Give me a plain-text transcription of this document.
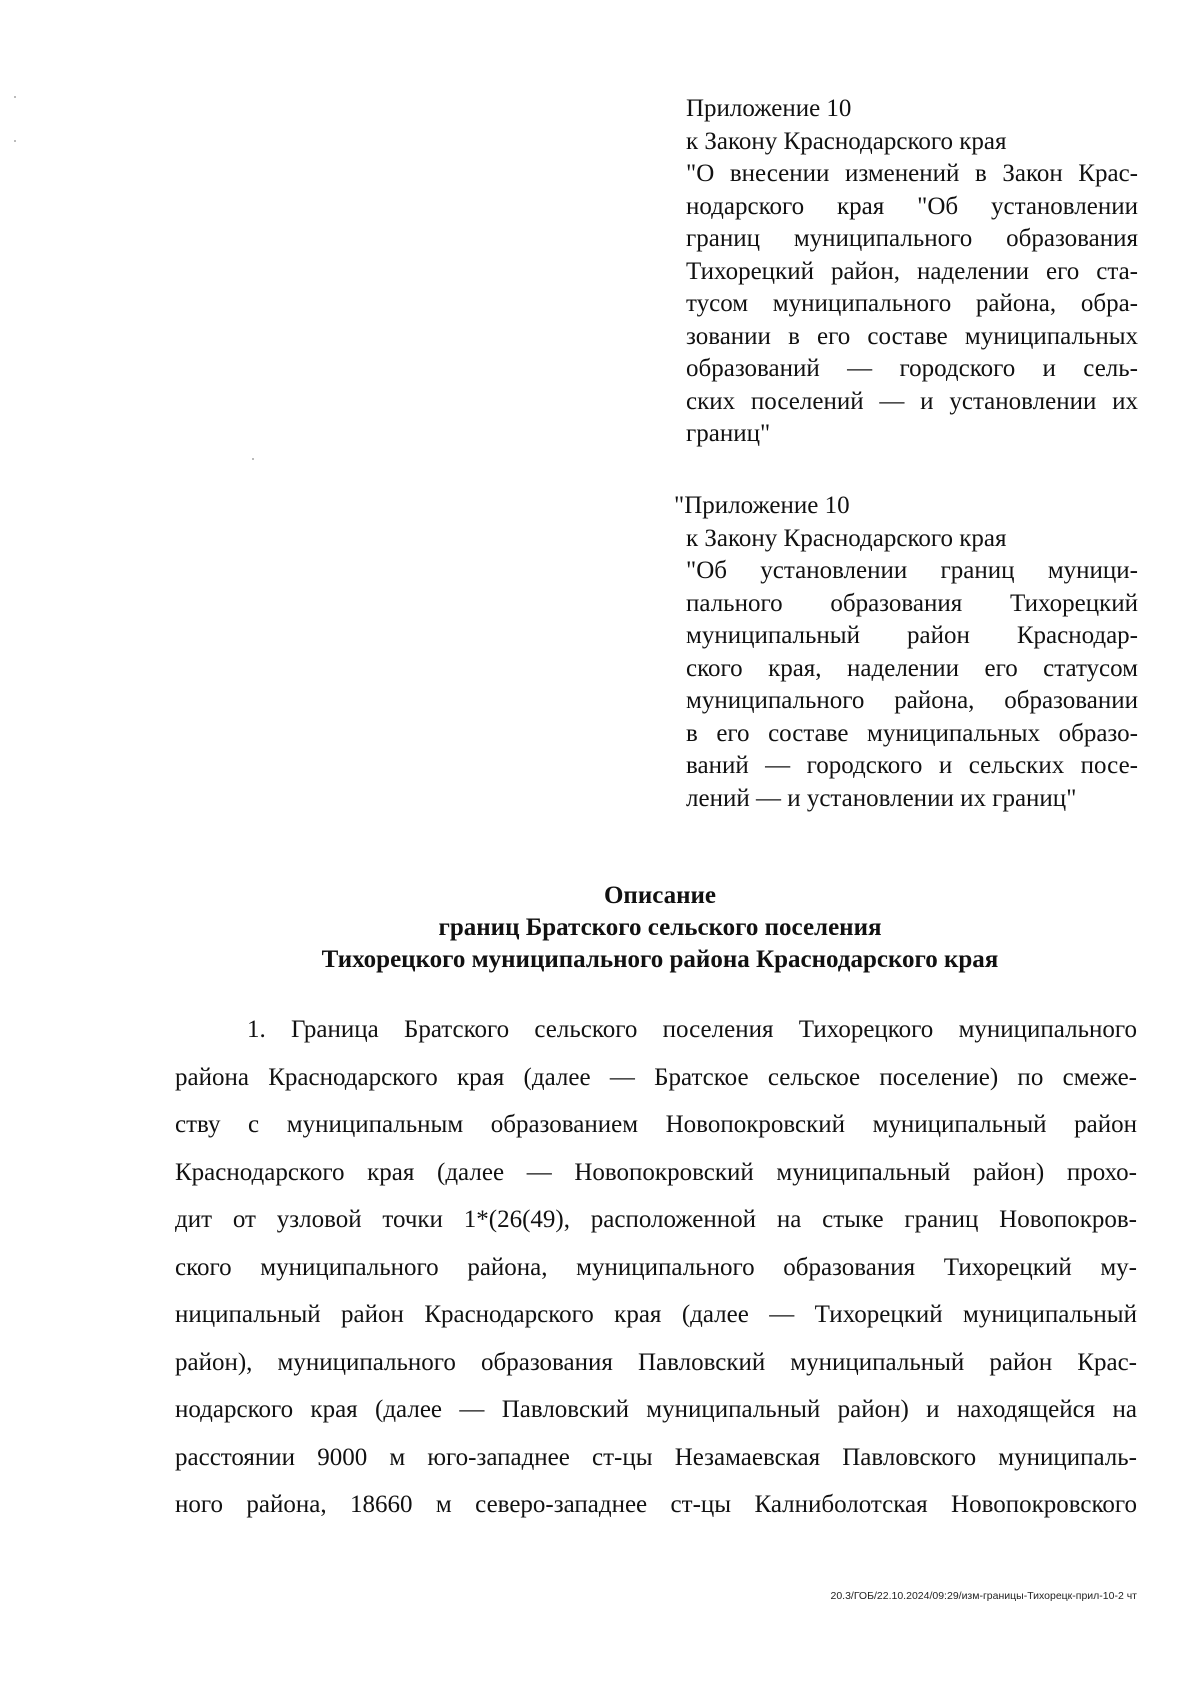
Приложение 10
к Закону Краснодарского края
"О внесении изменений в Закон Крас-
нодарского края "Об установлении
границ муниципального образования
Тихорецкий район, наделении его ста-
тусом муниципального района, обра-
зовании в его составе муниципальных
образований — городского и сель-
ских поселений — и установлении их
границ"
"Приложение 10
к Закону Краснодарского края
"Об установлении границ муници-
пального образования Тихорецкий
муниципальный район Краснодар-
ского края, наделении его статусом
муниципального района, образовании
в его составе муниципальных образо-
ваний — городского и сельских посе-
лений — и установлении их границ"
Описание
границ Братского сельского поселения
Тихорецкого муниципального района Краснодарского края
1. Граница Братского сельского поселения Тихорецкого муниципального
района Краснодарского края (далее — Братское сельское поселение) по смеже-
ству с муниципальным образованием Новопокровский муниципальный район
Краснодарского края (далее — Новопокровский муниципальный район) прохо-
дит от узловой точки 1*(26(49), расположенной на стыке границ Новопокров-
ского муниципального района, муниципального образования Тихорецкий му-
ниципальный район Краснодарского края (далее — Тихорецкий муниципальный
район), муниципального образования Павловский муниципальный район Крас-
нодарского края (далее — Павловский муниципальный район) и находящейся на
расстоянии 9000 м юго-западнее ст-цы Незамаевская Павловского муниципаль-
ного района, 18660 м северо-западнее ст-цы Калниболотская Новопокровского
20.3/ГОБ/22.10.2024/09:29/изм-границы-Тихорецк-прил-10-2 чт
